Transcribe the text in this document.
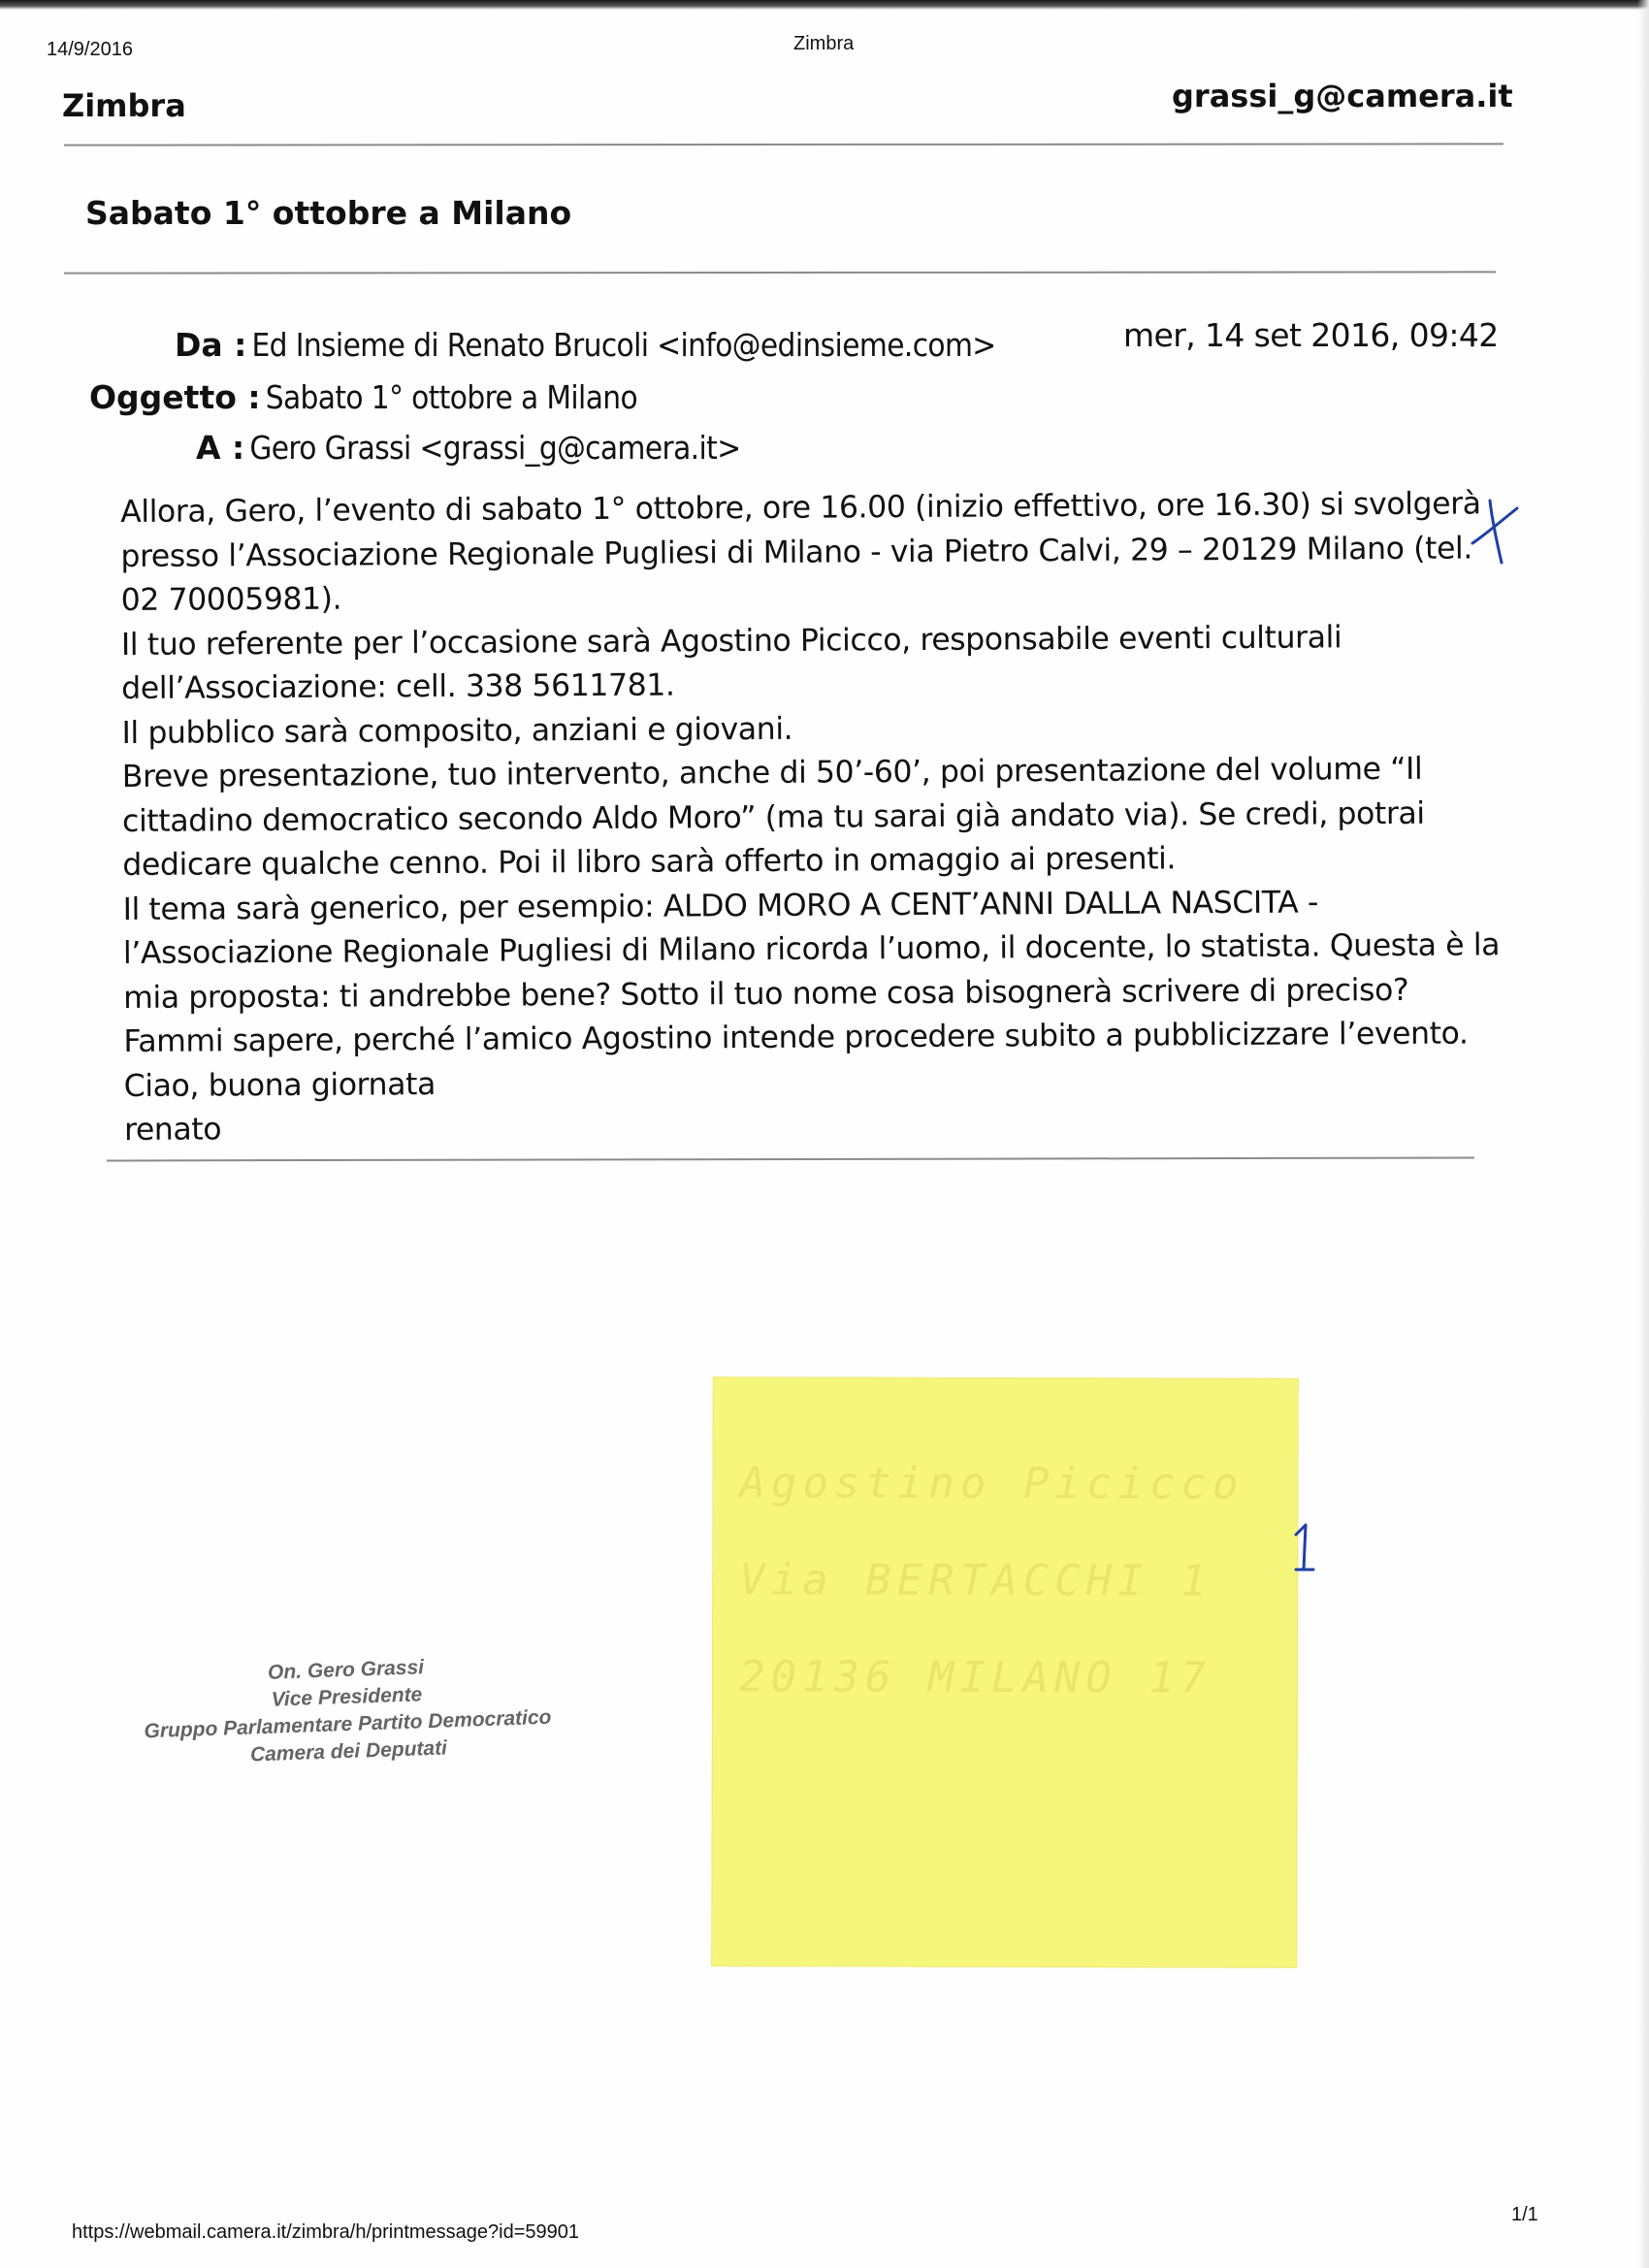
14/9/2016	Zimbra
Zimbra	grassi_g@camera.it
Sabato 1° ottobre a Milano
Da : Ed Insieme di Renato Brucoli <info@edinsieme.com>	mer, 14 set 2016, 09:42
Oggetto : Sabato 1° ottobre a Milano
A : Gero Grassi <grassi_g@camera.it>
Allora, Gero, l’evento di sabato 1° ottobre, ore 16.00 (inizio effettivo, ore 16.30) si svolgerà
presso l’Associazione Regionale Pugliesi di Milano - via Pietro Calvi, 29 – 20129 Milano (tel.
02 70005981).
Il tuo referente per l’occasione sarà Agostino Picicco, responsabile eventi culturali
dell’Associazione: cell. 338 5611781.
Il pubblico sarà composito, anziani e giovani.
Breve presentazione, tuo intervento, anche di 50’-60’, poi presentazione del volume “Il
cittadino democratico secondo Aldo Moro” (ma tu sarai già andato via). Se credi, potrai
dedicare qualche cenno. Poi il libro sarà offerto in omaggio ai presenti.
Il tema sarà generico, per esempio: ALDO MORO A CENT’ANNI DALLA NASCITA -
l’Associazione Regionale Pugliesi di Milano ricorda l’uomo, il docente, lo statista. Questa è la
mia proposta: ti andrebbe bene? Sotto il tuo nome cosa bisognerà scrivere di preciso?
Fammi sapere, perché l’amico Agostino intende procedere subito a pubblicizzare l’evento.
Ciao, buona giornata
renato
On. Gero Grassi
Vice Presidente
Gruppo Parlamentare Partito Democratico
Camera dei Deputati
Agostino Picicco
Via BERTACCHI 1
20136 MILANO 17
https://webmail.camera.it/zimbra/h/printmessage?id=59901
1/1
